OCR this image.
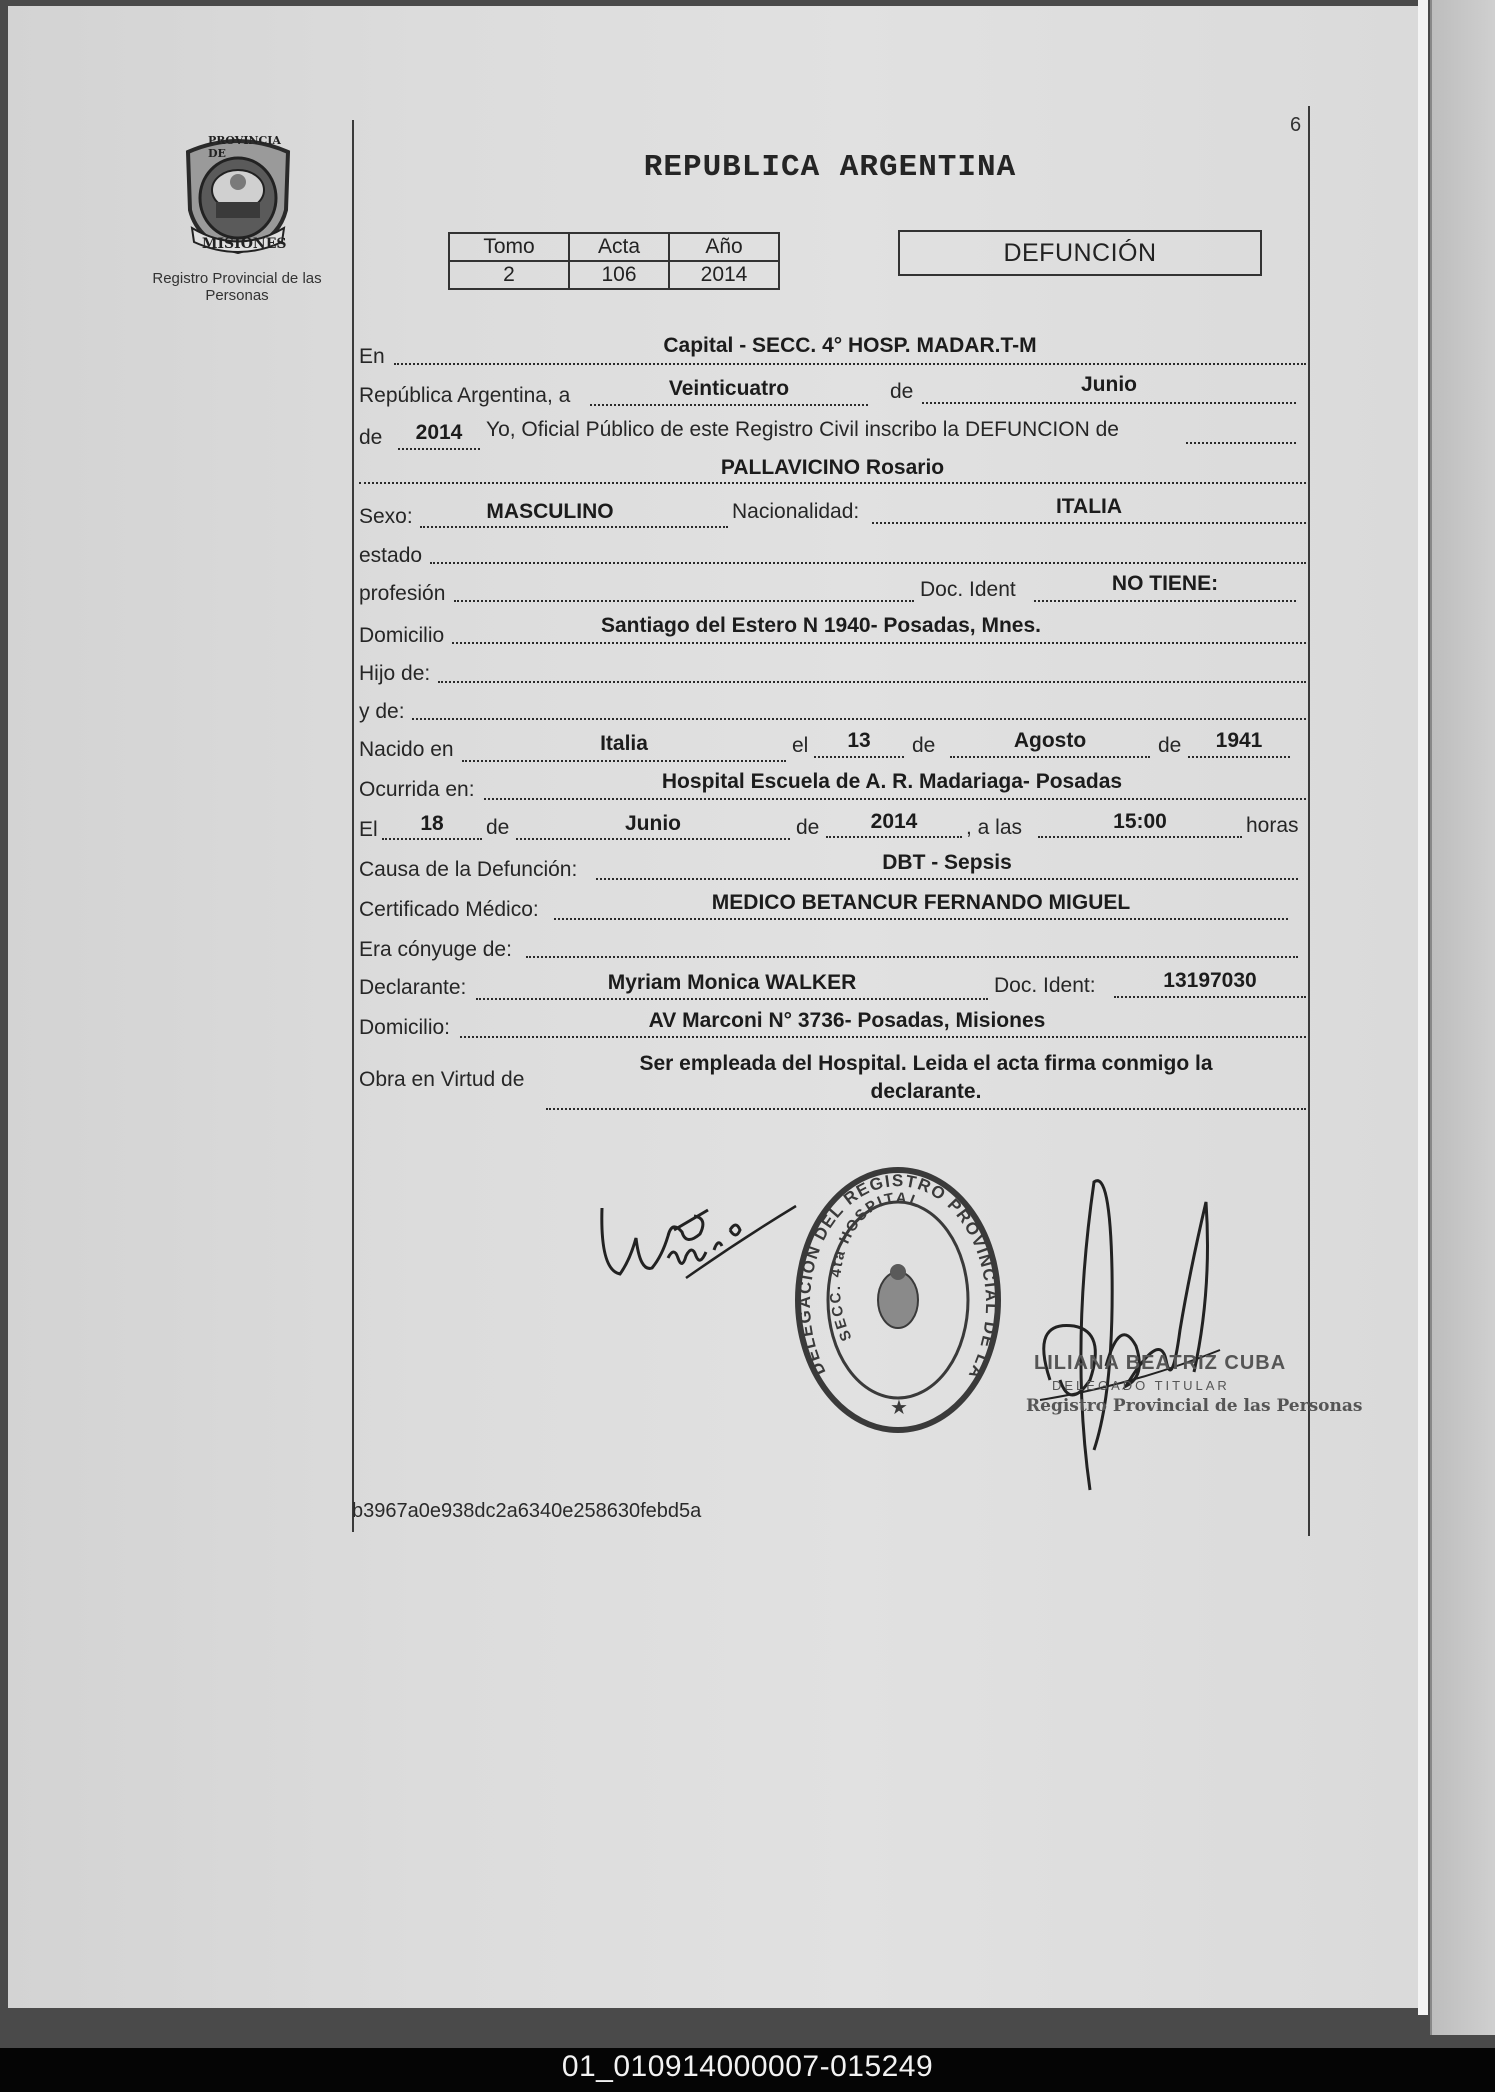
PROVINCIA DE
MISIONES
Registro Provincial de las Personas
6
REPUBLICA ARGENTINA
Tomo	Acta	Año
2	106	2014
DEFUNCIÓN
En	Capital - SECC. 4° HOSP. MADAR.T-M
República Argentina, a	Veinticuatro	de	Junio
de	2014	Yo, Oficial Público de este Registro Civil inscribo la DEFUNCION de
PALLAVICINO Rosario
Sexo:	MASCULINO	Nacionalidad:	ITALIA
estado
profesión	Doc. Ident	NO TIENE:
Domicilio	Santiago del Estero N 1940- Posadas, Mnes.
Hijo de:
y de:
Nacido en	Italia	el	13	de	Agosto	de	1941
Ocurrida en:	Hospital Escuela de A. R. Madariaga- Posadas
El	18	de	Junio	de	2014	, a las	15:00	horas
Causa de la Defunción:	DBT - Sepsis
Certificado Médico:	MEDICO BETANCUR FERNANDO MIGUEL
Era cónyuge de:
Declarante:	Myriam Monica WALKER	Doc. Ident:	13197030
Domicilio:	AV Marconi N° 3736- Posadas, Misiones
Obra en Virtud de
Ser empleada del Hospital. Leida el acta firma conmigo la
declarante.
DELEGACION DEL REGISTRO PROVINCIAL DE LA
SECC. 4ta HOSPITAL
★
LILIANA BEATRIZ CUBA
DELEGADO TITULAR
Registro Provincial de las Personas
b3967a0e938dc2a6340e258630febd5a
01_010914000007-015249
